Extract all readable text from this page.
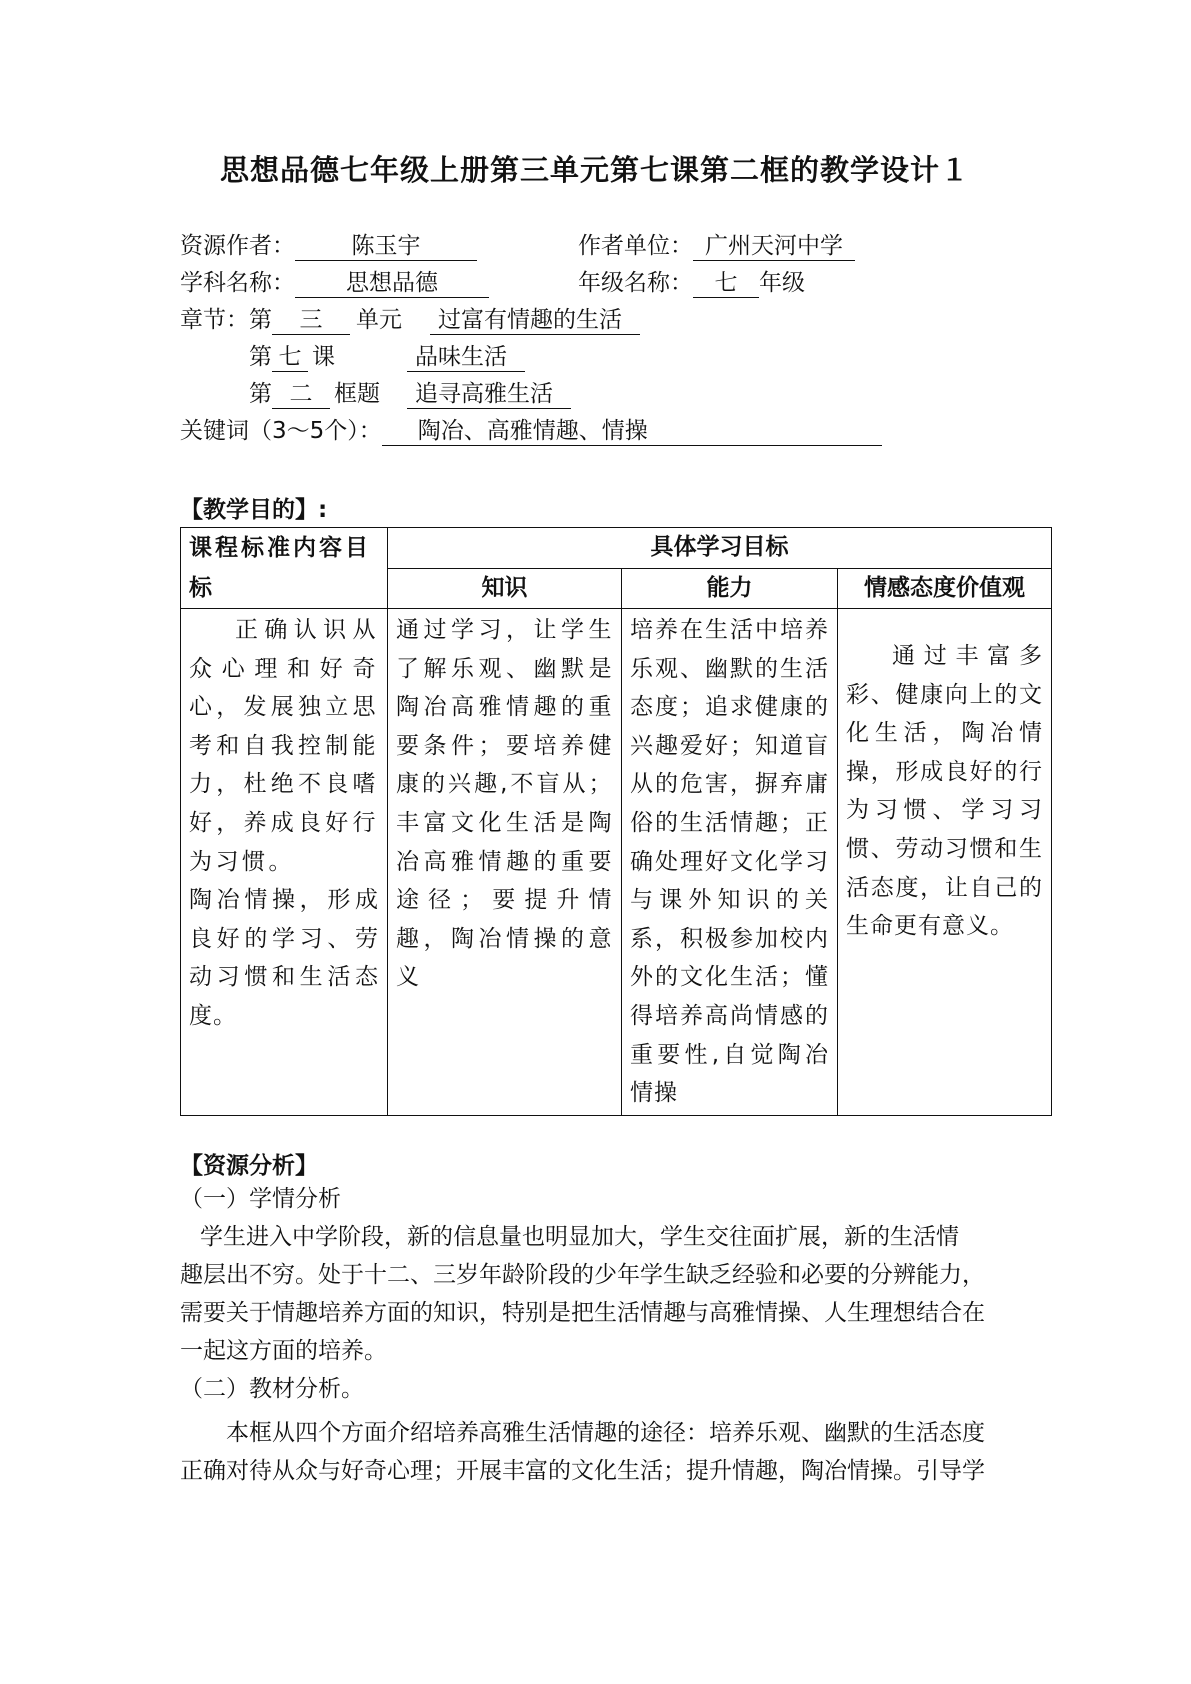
思想品德七年级上册第三单元第七课第二框的教学设计１
资源作者： 陈玉宇	作者单位： 广州天河中学
学科名称： 思想品德	年级名称： 七 年级
章节：第 三 单元 过富有情趣的生活
第 七 课	品味生活
第 二 框题 追寻高雅生活
关键词（3～5个）： 陶冶、高雅情趣、情操
【教学目的】:
课程标准内容目标	具体学习目标		
	知识	能力	情感态度价值观

正确认识从众心理和好奇心，发展独立思考和自我控制能力，杜绝不良嗜好，养成良好行为习惯。
陶冶情操，形成良好的学习、劳动习惯和生活态度。	通过学习，让学生了解乐观、幽默是陶冶高雅情趣的重要条件；要培养健康的兴趣,不盲从；丰富文化生活是陶冶高雅情趣的重要途径；要提升情趣，陶冶情操的意义	培养在生活中培养乐观、幽默的生活态度；追求健康的兴趣爱好；知道盲从的危害，摒弃庸俗的生活情趣；正确处理好文化学习与课外知识的关系，积极参加校内外的文化生活；懂得培养高尚情感的重要性,自觉陶冶情操	通过丰富多彩、健康向上的文化生活，陶冶情操，形成良好的行为习惯、学习习惯、劳动习惯和生活态度，让自己的生命更有意义。
【资源分析】
（一）学情分析
学生进入中学阶段，新的信息量也明显加大，学生交往面扩展，新的生活情
趣层出不穷。处于十二、三岁年龄阶段的少年学生缺乏经验和必要的分辨能力，
需要关于情趣培养方面的知识，特别是把生活情趣与高雅情操、人生理想结合在
一起这方面的培养。
（二）教材分析。
本框从四个方面介绍培养高雅生活情趣的途径：培养乐观、幽默的生活态度
正确对待从众与好奇心理；开展丰富的文化生活；提升情趣，陶冶情操。引导学
